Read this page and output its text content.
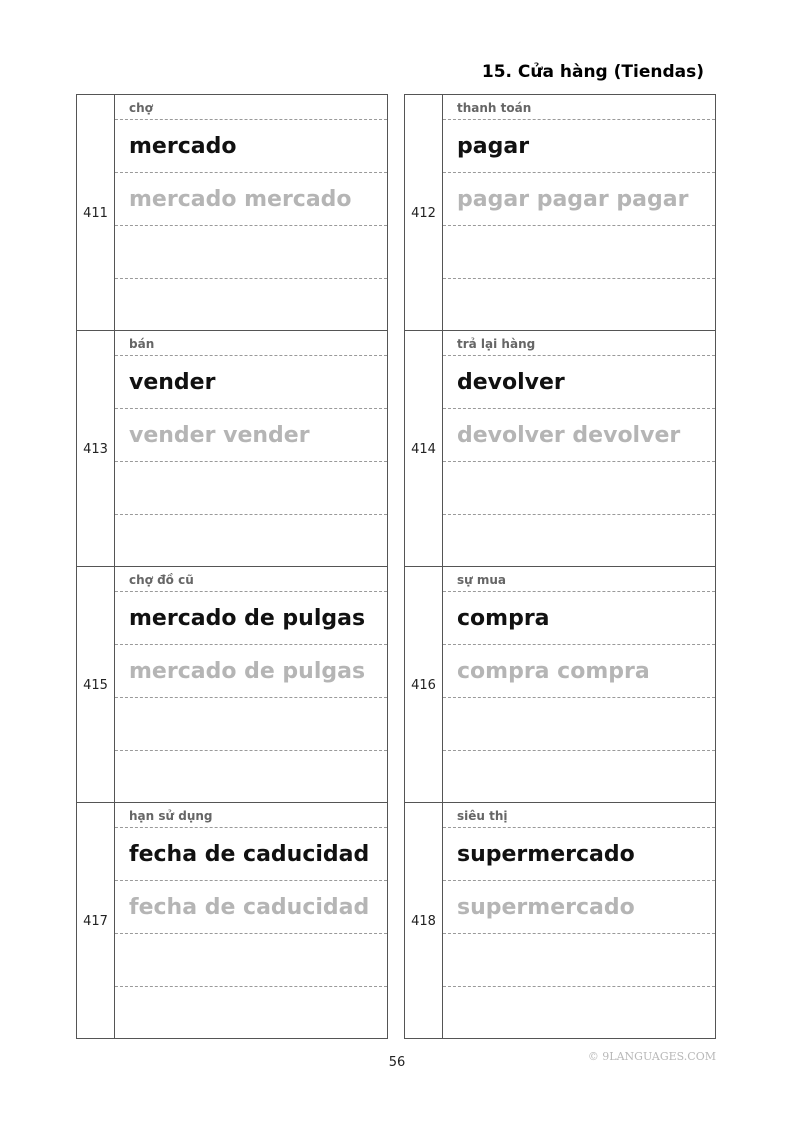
15. Cửa hàng (Tiendas)
411
chợ
mercado
mercado mercado
413
bán
vender
vender vender
415
chợ đồ cũ
mercado de pulgas
mercado de pulgas
417
hạn sử dụng
fecha de caducidad
fecha de caducidad
412
thanh toán
pagar
pagar pagar pagar
414
trả lại hàng
devolver
devolver devolver
416
sự mua
compra
compra compra
418
siêu thị
supermercado
supermercado
56	© 9LANGUAGES.COM
